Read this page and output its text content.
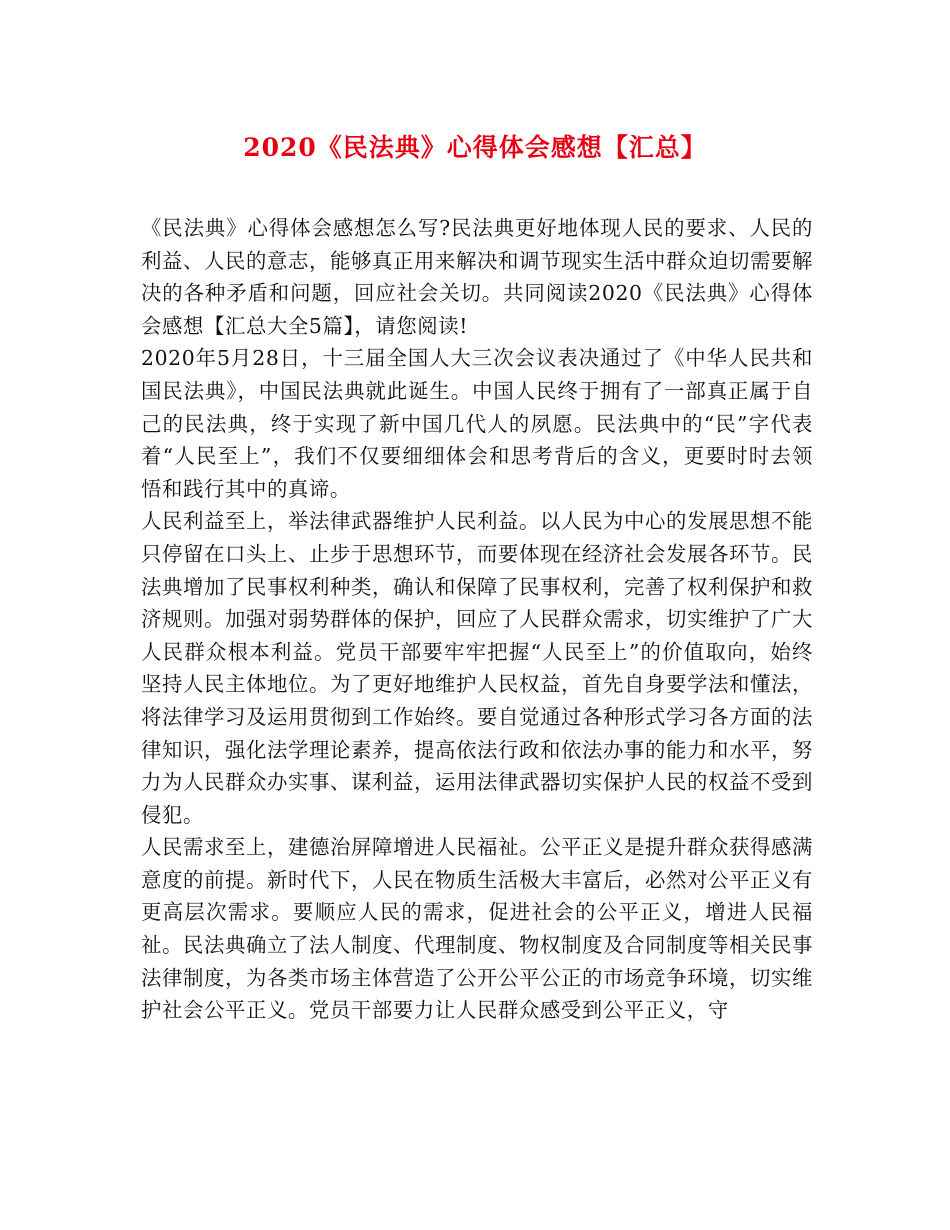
2020《民法典》心得体会感想【汇总】

《民法典》心得体会感想怎么写?民法典更好地体现人民的要求、人民的利益、人民的意志，能够真正用来解决和调节现实生活中群众迫切需要解决的各种矛盾和问题，回应社会关切。共同阅读2020《民法典》心得体会感想【汇总大全5篇】，请您阅读!

2020年5月28日，十三届全国人大三次会议表决通过了《中华人民共和国民法典》，中国民法典就此诞生。中国人民终于拥有了一部真正属于自己的民法典，终于实现了新中国几代人的夙愿。民法典中的“民”字代表着“人民至上”，我们不仅要细细体会和思考背后的含义，更要时时去领悟和践行其中的真谛。

人民利益至上，举法律武器维护人民利益。以人民为中心的发展思想不能只停留在口头上、止步于思想环节，而要体现在经济社会发展各环节。民法典增加了民事权利种类，确认和保障了民事权利，完善了权利保护和救济规则。加强对弱势群体的保护，回应了人民群众需求，切实维护了广大人民群众根本利益。党员干部要牢牢把握“人民至上”的价值取向，始终坚持人民主体地位。为了更好地维护人民权益，首先自身要学法和懂法，将法律学习及运用贯彻到工作始终。要自觉通过各种形式学习各方面的法律知识，强化法学理论素养，提高依法行政和依法办事的能力和水平，努力为人民群众办实事、谋利益，运用法律武器切实保护人民的权益不受到侵犯。

人民需求至上，建德治屏障增进人民福祉。公平正义是提升群众获得感满意度的前提。新时代下，人民在物质生活极大丰富后，必然对公平正义有更高层次需求。要顺应人民的需求，促进社会的公平正义，增进人民福祉。民法典确立了法人制度、代理制度、物权制度及合同制度等相关民事法律制度，为各类市场主体营造了公开公平公正的市场竞争环境，切实维护社会公平正义。党员干部要力让人民群众感受到公平正义，守
